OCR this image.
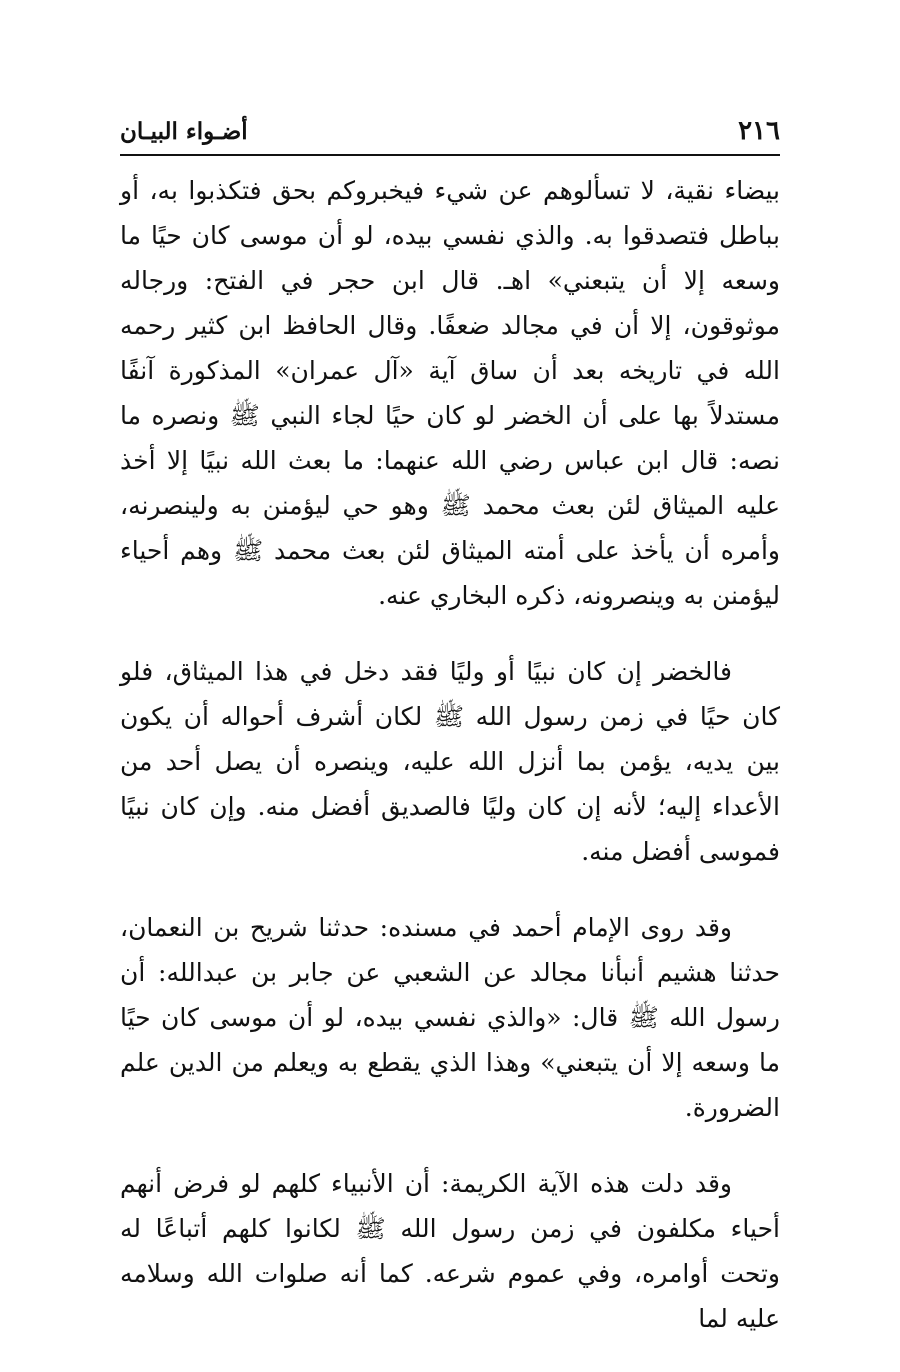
٢١٦
أضـواء البيـان

بيضاء نقية، لا تسألوهم عن شيء فيخبروكم بحق فتكذبوا به، أو بباطل فتصدقوا به. والذي نفسي بيده، لو أن موسى كان حيًا ما وسعه إلا أن يتبعني» اهـ. قال ابن حجر في الفتح: ورجاله موثوقون، إلا أن في مجالد ضعفًا. وقال الحافظ ابن كثير رحمه الله في تاريخه بعد أن ساق آية «آل عمران» المذكورة آنفًا مستدلاً بها على أن الخضر لو كان حيًا لجاء النبي ﷺ ونصره ما نصه: قال ابن عباس رضي الله عنهما: ما بعث الله نبيًا إلا أخذ عليه الميثاق لئن بعث محمد ﷺ وهو حي ليؤمنن به ولينصرنه، وأمره أن يأخذ على أمته الميثاق لئن بعث محمد ﷺ وهم أحياء ليؤمنن به وينصرونه، ذكره البخاري عنه.

فالخضر إن كان نبيًا أو وليًا فقد دخل في هذا الميثاق، فلو كان حيًا في زمن رسول الله ﷺ لكان أشرف أحواله أن يكون بين يديه، يؤمن بما أنزل الله عليه، وينصره أن يصل أحد من الأعداء إليه؛ لأنه إن كان وليًا فالصديق أفضل منه. وإن كان نبيًا فموسى أفضل منه.

وقد روى الإمام أحمد في مسنده: حدثنا شريح بن النعمان، حدثنا هشيم أنبأنا مجالد عن الشعبي عن جابر بن عبدالله: أن رسول الله ﷺ قال: «والذي نفسي بيده، لو أن موسى كان حيًا ما وسعه إلا أن يتبعني» وهذا الذي يقطع به ويعلم من الدين علم الضرورة.

وقد دلت هذه الآية الكريمة: أن الأنبياء كلهم لو فرض أنهم أحياء مكلفون في زمن رسول الله ﷺ لكانوا كلهم أتباعًا له وتحت أوامره، وفي عموم شرعه. كما أنه صلوات الله وسلامه عليه لما
